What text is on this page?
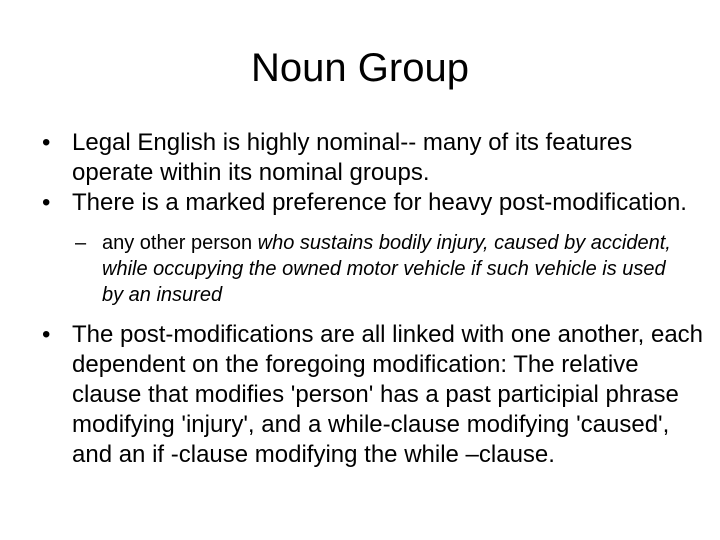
Noun Group
• Legal English is highly nominal-- many of its features operate within its nominal groups.
• There is a marked preference for heavy post-modification.
– any other person who sustains bodily injury, caused by accident, while occupying the owned motor vehicle if such vehicle is used by an insured
• The post-modifications are all linked with one another, each dependent on the foregoing modification: The relative clause that modifies 'person' has a past participial phrase modifying 'injury', and a while-clause modifying 'caused', and an if -clause modifying the while –clause.
